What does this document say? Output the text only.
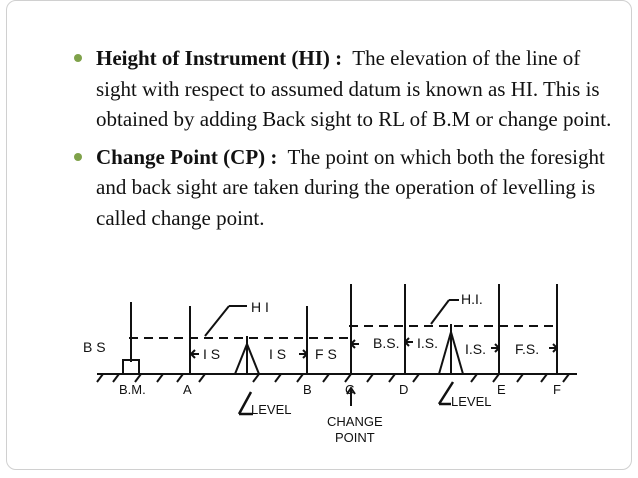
Height of Instrument (HI) : The elevation of the line of sight with respect to assumed datum is known as HI. This is obtained by adding Back sight to RL of B.M or change point.
Change Point (CP) : The point on which both the foresight and back sight are taken during the operation of levelling is called change point.
H I	H.I.
B S	I S	I S F S
B.S. I.S. I.S. F.S.
B.M.	A	B	C	D	E	F
LEVEL
LEVEL
CHANGE
POINT
